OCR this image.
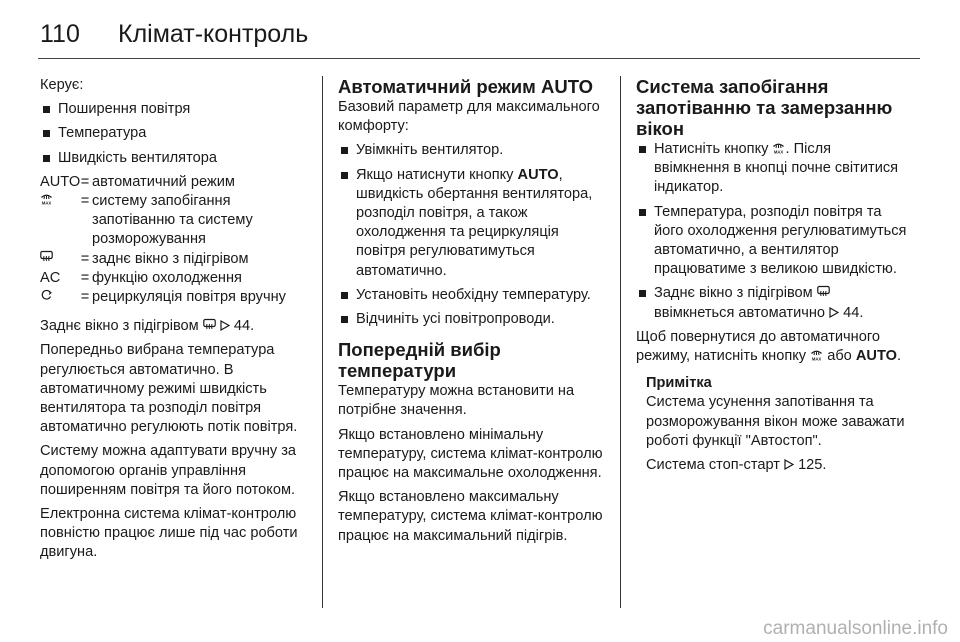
110 Клімат-контроль

Керує:

Поширення повітря
Температура
Швидкість вентилятора
AUTO = автоматичний режим
MAX = систему запобігання запотіванню та систему розморожування
= заднє вікно з підігрівом
AC	= функцію охолодження
= рециркуляція повітря вручну

Заднє вікно з підігрівом
44.

Попередньо вибрана температура регулюється автоматично. В автоматичному режимі швидкість вентилятора та розподіл повітря автоматично регулюють потік повітря.

Систему можна адаптувати вручну за допомогою органів управління поширенням повітря та його потоком.

Електронна система клімат-контролю повністю працює лише під час роботи двигуна.

Автоматичний режим AUTO

Базовий параметр для максимального комфорту:

Увімкніть вентилятор.
Якщо натиснути кнопку AUTO, швидкість обертання вентилятора, розподіл повітря, а також охолодження та рециркуляція повітря регулюватимуться автоматично.
Установіть необхідну температуру.
Відчиніть усі повітропроводи.
Попередній вибір температури

Температуру можна встановити на потрібне значення.

Якщо встановлено мінімальну температуру, система клімат-контролю працює на максимальне охолодження.

Якщо встановлено максимальну температуру, система клімат-контролю працює на максимальний підігрів.

Система запобігання запотіванню та замерзанню вікон
Натисніть кнопку MAX . Після ввімкнення в кнопці почне світитися індикатор.
Температура, розподіл повітря та його охолодження регулюватимуться автоматично, а вентилятор працюватиме з великою швидкістю.
Заднє вікно з підігрівом
ввімкнеться автоматично 44.

Щоб повернутися до автоматичного режиму, натисніть кнопку MAX або AUTO.

Примітка

Система усунення запотівання та розморожування вікон може заважати роботі функції "Автостоп".

Система стоп-старт 125.

carmanualsonline.info
